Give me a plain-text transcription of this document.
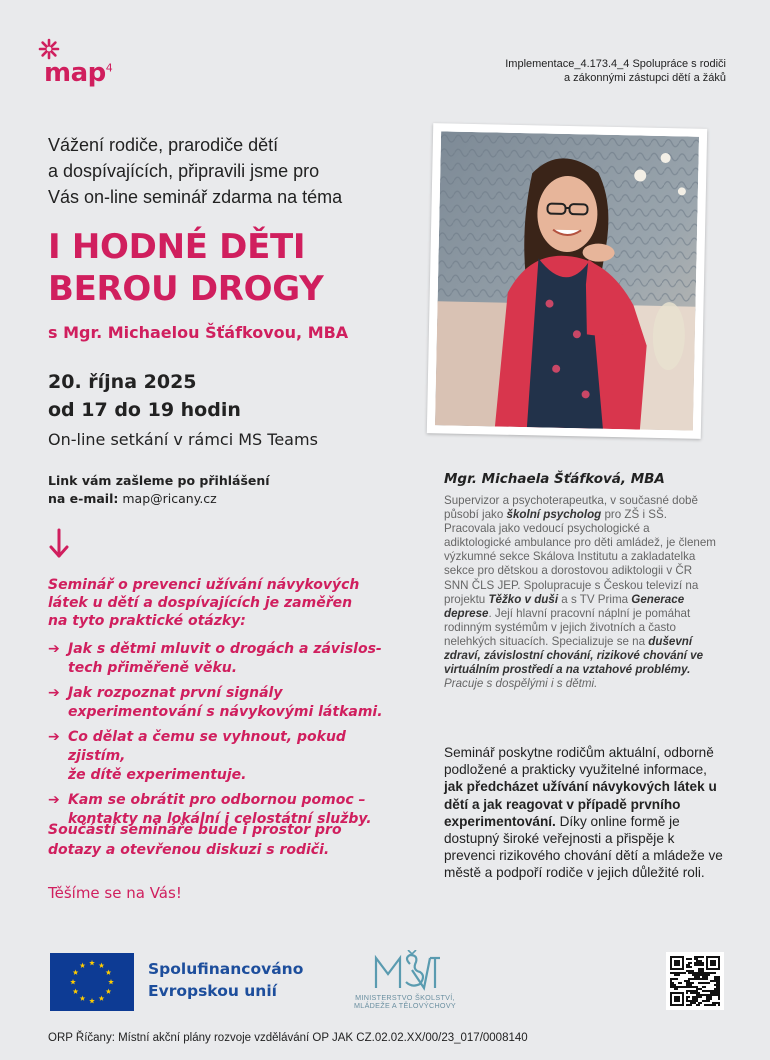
map$^4$	Implementace_4.173.4_4 Spolupráce s rodiči
a zákonnými zástupci dětí a žáků
Vážení rodiče, prarodiče dětí
a dospívajících, připravili jsme pro
Vás on-line seminář zdarma na téma
I HODNÉ DĚTI
BEROU DROGY
s Mgr. Michaelou Šťáfkovou, MBA
20. října 2025
od 17 do 19 hodin
On-line setkání v rámci MS Teams
Link vám zašleme po přihlášení
na e-mail: map@ricany.cz
Seminář o prevenci užívání návykových
látek u dětí a dospívajících je zaměřen
na tyto praktické otázky:
➔ Jak s dětmi mluvit o drogách a závislos-
tech přiměřeně věku.
➔ Jak rozpoznat první signály
experimentování s návykovými látkami.
➔ Co dělat a čemu se vyhnout, pokud zjistím,
že dítě experimentuje.
➔ Kam se obrátit pro odbornou pomoc –
kontakty na lokální i celostátní služby.
Součástí semináře bude i prostor pro
dotazy a otevřenou diskuzi s rodiči.
Těšíme se na Vás!
Mgr. Michaela Šťáfková, MBA
Supervizor a psychoterapeutka, v současné době působí jako školní psycholog pro ZŠ i SŠ. Pracovala jako vedoucí psychologické a adiktologické ambulance pro děti amládež, je členem výzkumné sekce Skálova Institutu a zakladatelka sekce pro dětskou a dorostovou adiktologii v ČR SNN ČLS JEP. Spolupracuje s Českou televizí na projektu Těžko v duši a s TV Prima Generace deprese. Její hlavní pracovní náplní je pomáhat rodinným systémům v jejich životních a často nelehkých situacích. Specializuje se na duševní zdraví, závislostní chování, rizikové chování ve virtuálním prostředí a na vztahové problémy. Pracuje s dospělými i s dětmi.
Seminář poskytne rodičům aktuální, odborně podložené a prakticky využitelné informace, jak předcházet užívání návykových látek u dětí a jak reagovat v případě prvního experimentování. Díky online formě je dostupný široké veřejnosti a přispěje k prevenci rizikového chování dětí a mládeže ve městě a podpoří rodiče v jejich důležité roli.
Spolufinancováno
Evropskou unií	MINISTERSTVO ŠKOLSTVÍ,
MLÁDEŽE A TĚLOVÝCHOVY
ORP Říčany: Místní akční plány rozvoje vzdělávání OP JAK CZ.02.02.XX/00/23_017/0008140
